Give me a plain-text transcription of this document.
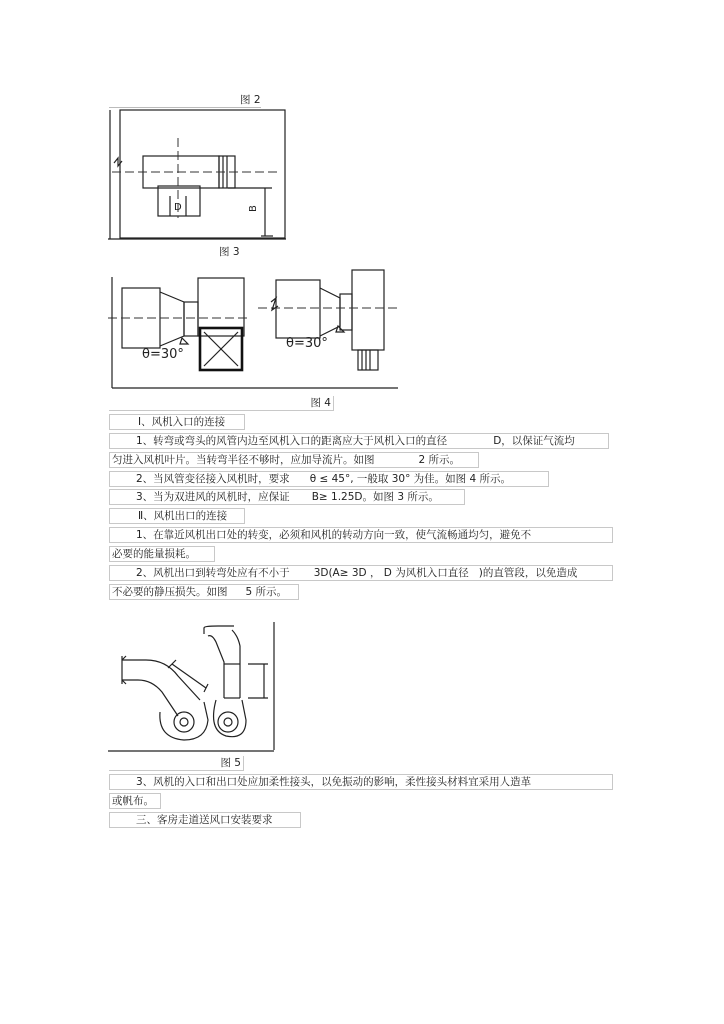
图 2
D	B
图 3
θ=30°
θ=30°
图 4
Ⅰ、风机入口的连接
1、转弯或弯头的风管内边至风机入口的距离应大于风机入口的直径	D，以保证气流均
匀进入风机叶片。当转弯半径不够时，应加导流片。如图	2 所示。
2、当风管变径接入风机时，要求 θ ≤ 45°, 一般取 30° 为佳。如图 4 所示。
3、当为双进风的风机时，应保证 B≥ 1.25D。如图 3 所示。
Ⅱ、风机出口的连接
1、在靠近风机出口处的转变，必须和风机的转动方向一致，使气流畅通均匀，避免不
必要的能量损耗。
2、风机出口到转弯处应有不小于 3D(A≥ 3D ， D 为风机入口直径 )的直管段，以免造成
不必要的静压损失。如图 5 所示。
图 5
3、风机的入口和出口处应加柔性接头，以免振动的影响，柔性接头材料宜采用人造革
或帆布。
三、客房走道送风口安装要求
